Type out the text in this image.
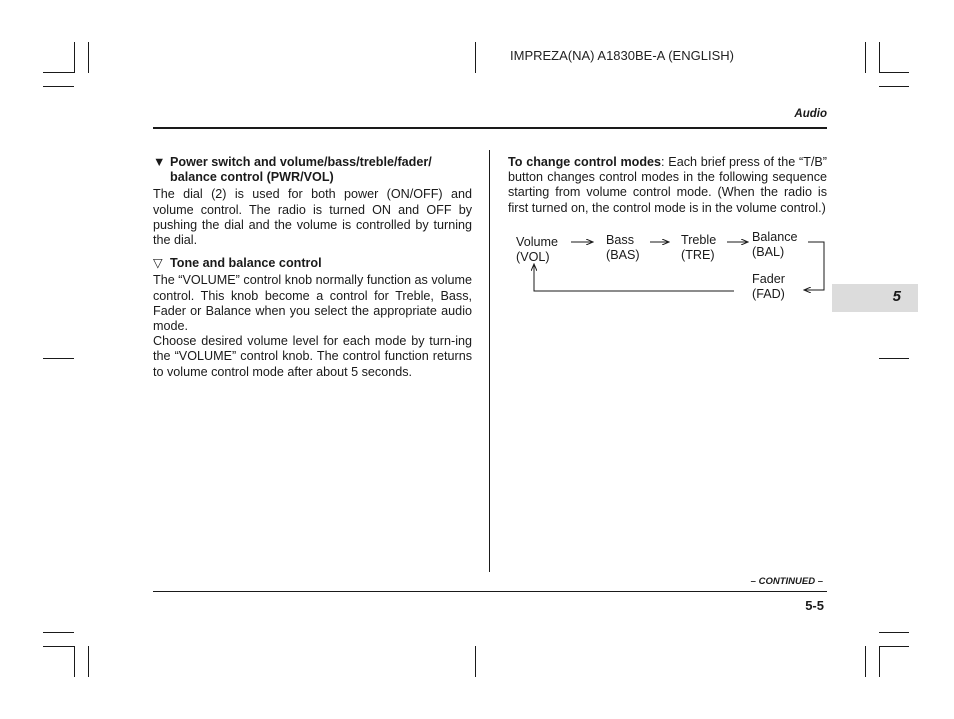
IMPREZA(NA) A1830BE-A (ENGLISH)
Audio
5
▼ Power switch and volume/bass/treble/fader/ balance control (PWR/VOL)

The dial (2) is used for both power (ON/OFF) and volume control. The radio is turned ON and OFF by pushing the dial and the volume is controlled by turning the dial.

▽ Tone and balance control

The “VOLUME” control knob normally function as volume control. This knob become a control for Treble, Bass, Fader or Balance when you select the appropriate audio mode.

Choose desired volume level for each mode by turn-ing the “VOLUME” control knob. The control function returns to volume control mode after about 5 seconds.

To change control modes: Each brief press of the “T/B” button changes control modes in the following sequence starting from volume control mode. (When the radio is first turned on, the control mode is in the volume control.)

Volume
(VOL)
Bass
(BAS)
Treble
(TRE)
Balance
(BAL)
Fader
(FAD)
– CONTINUED –
5-5
